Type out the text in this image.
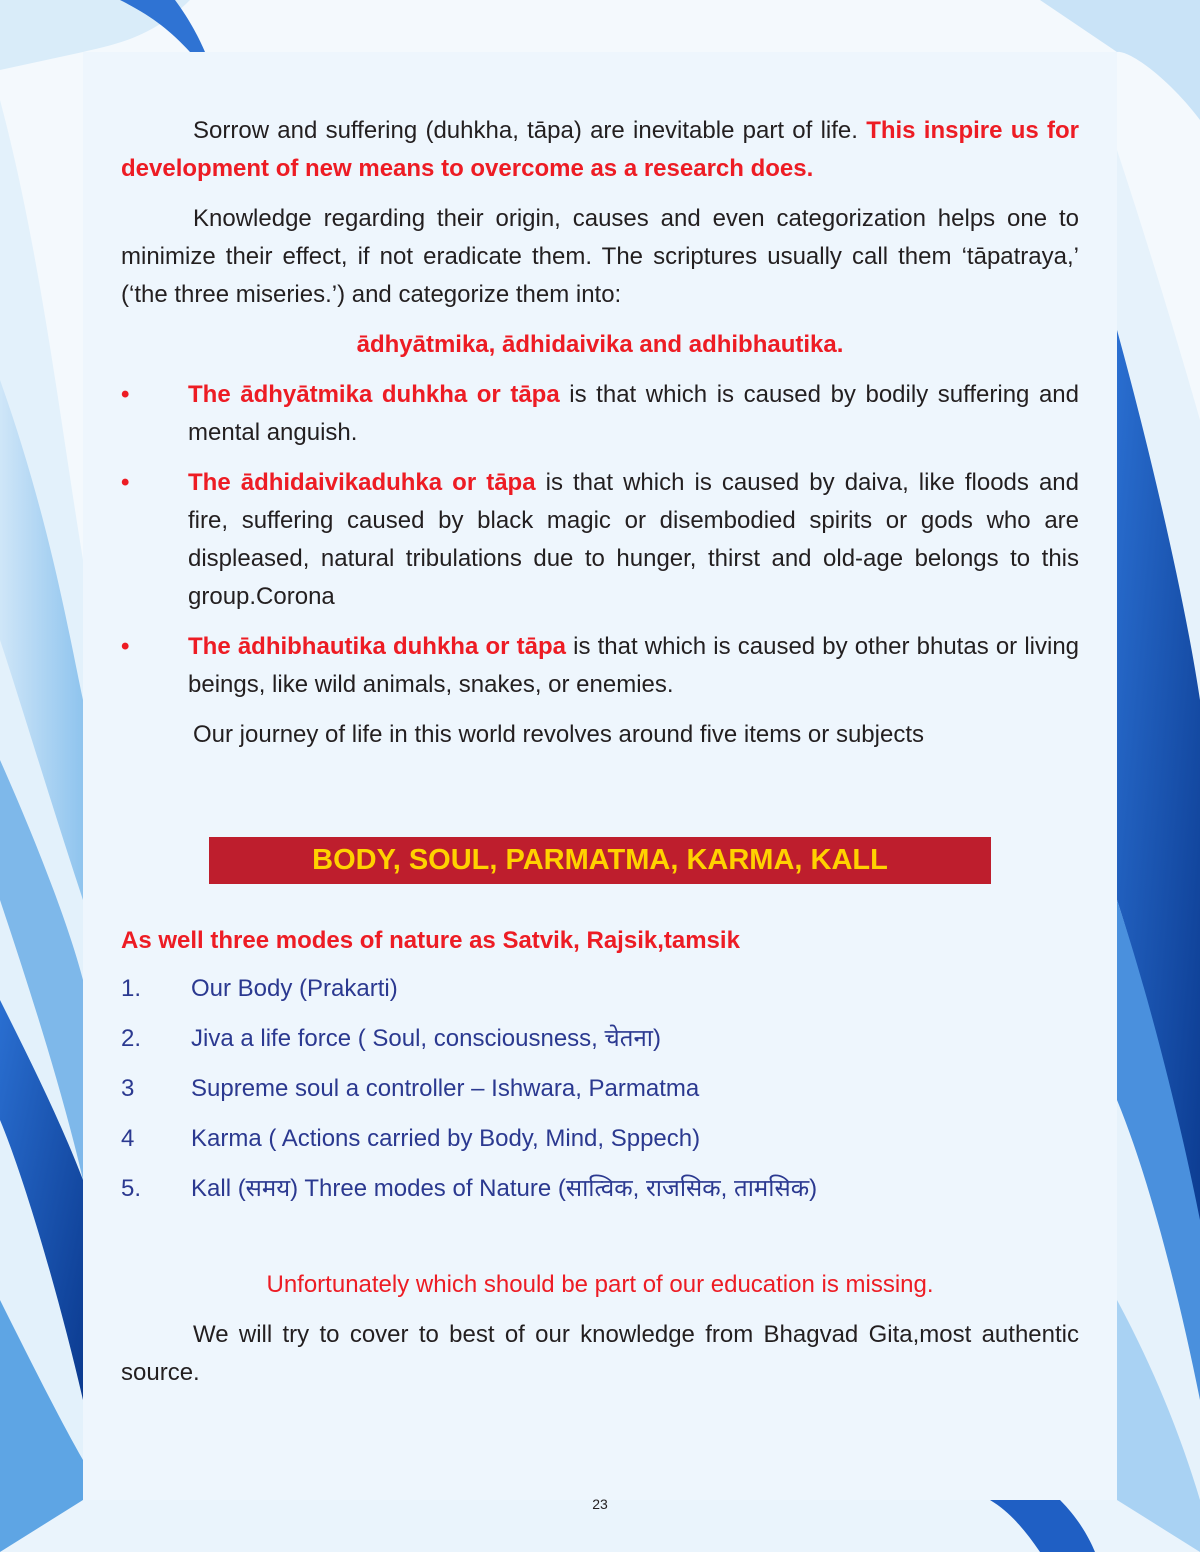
Sorrow and suffering (duhkha, tāpa) are inevitable part of life. This inspire us for development of new means to overcome as a research does.

Knowledge regarding their origin, causes and even categorization helps one to minimize their effect, if not eradicate them. The scriptures usually call them ‘tāpatraya,’ (‘the three miseries.’) and categorize them into:

ādhyātmika, ādhidaivika and adhibhautika.

• The ādhyātmika duhkha or tāpa is that which is caused by bodily suffering and mental anguish.
• The ādhidaivikaduhka or tāpa is that which is caused by daiva, like floods and fire, suffering caused by black magic or disembodied spirits or gods who are displeased, natural tribulations due to hunger, thirst and old-age belongs to this group.Corona
• The ādhibhautika duhkha or tāpa is that which is caused by other bhutas or living beings, like wild animals, snakes, or enemies.

Our journey of life in this world revolves around five items or subjects

BODY, SOUL, PARMATMA, KARMA, KALL

As well three modes of nature as Satvik, Rajsik,tamsik

1. Our Body (Prakarti)
2. Jiva a life force ( Soul, consciousness, चेतना)
3 Supreme soul a controller – Ishwara, Parmatma
4 Karma ( Actions carried by Body, Mind, Sppech)
5. Kall (समय) Three modes of Nature (सात्विक, राजसिक, तामसिक)

Unfortunately which should be part of our education is missing.

We will try to cover to best of our knowledge from Bhagvad Gita,most authentic source.

23
